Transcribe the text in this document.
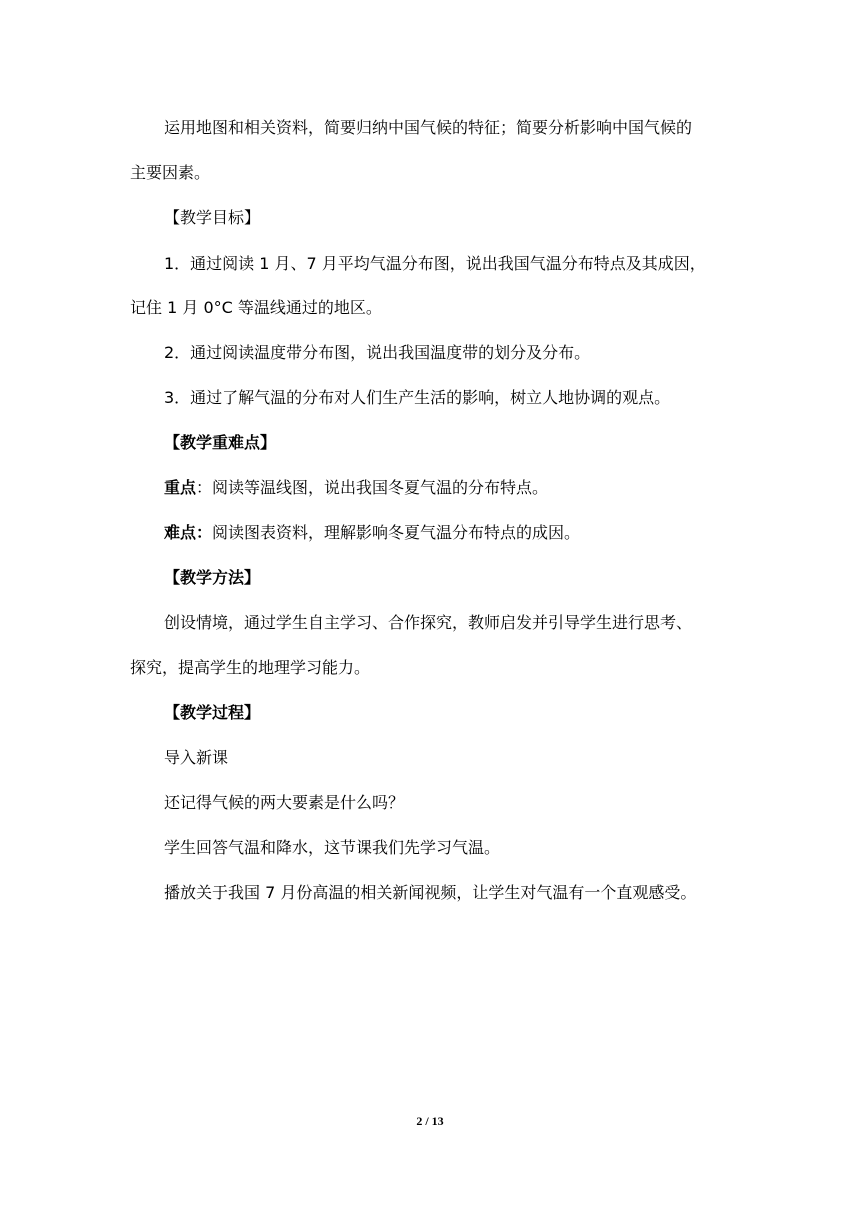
运用地图和相关资料，简要归纳中国气候的特征；简要分析影响中国气候的
主要因素。
【教学目标】
1．通过阅读 1 月、7 月平均气温分布图，说出我国气温分布特点及其成因，
记住 1 月 0°C 等温线通过的地区。
2．通过阅读温度带分布图，说出我国温度带的划分及分布。
3．通过了解气温的分布对人们生产生活的影响，树立人地协调的观点。
【教学重难点】
重点：阅读等温线图，说出我国冬夏气温的分布特点。
难点：阅读图表资料，理解影响冬夏气温分布特点的成因。
【教学方法】
创设情境，通过学生自主学习、合作探究，教师启发并引导学生进行思考、
探究，提高学生的地理学习能力。
【教学过程】
导入新课
还记得气候的两大要素是什么吗？
学生回答气温和降水，这节课我们先学习气温。
播放关于我国 7 月份高温的相关新闻视频，让学生对气温有一个直观感受。
2 / 13
